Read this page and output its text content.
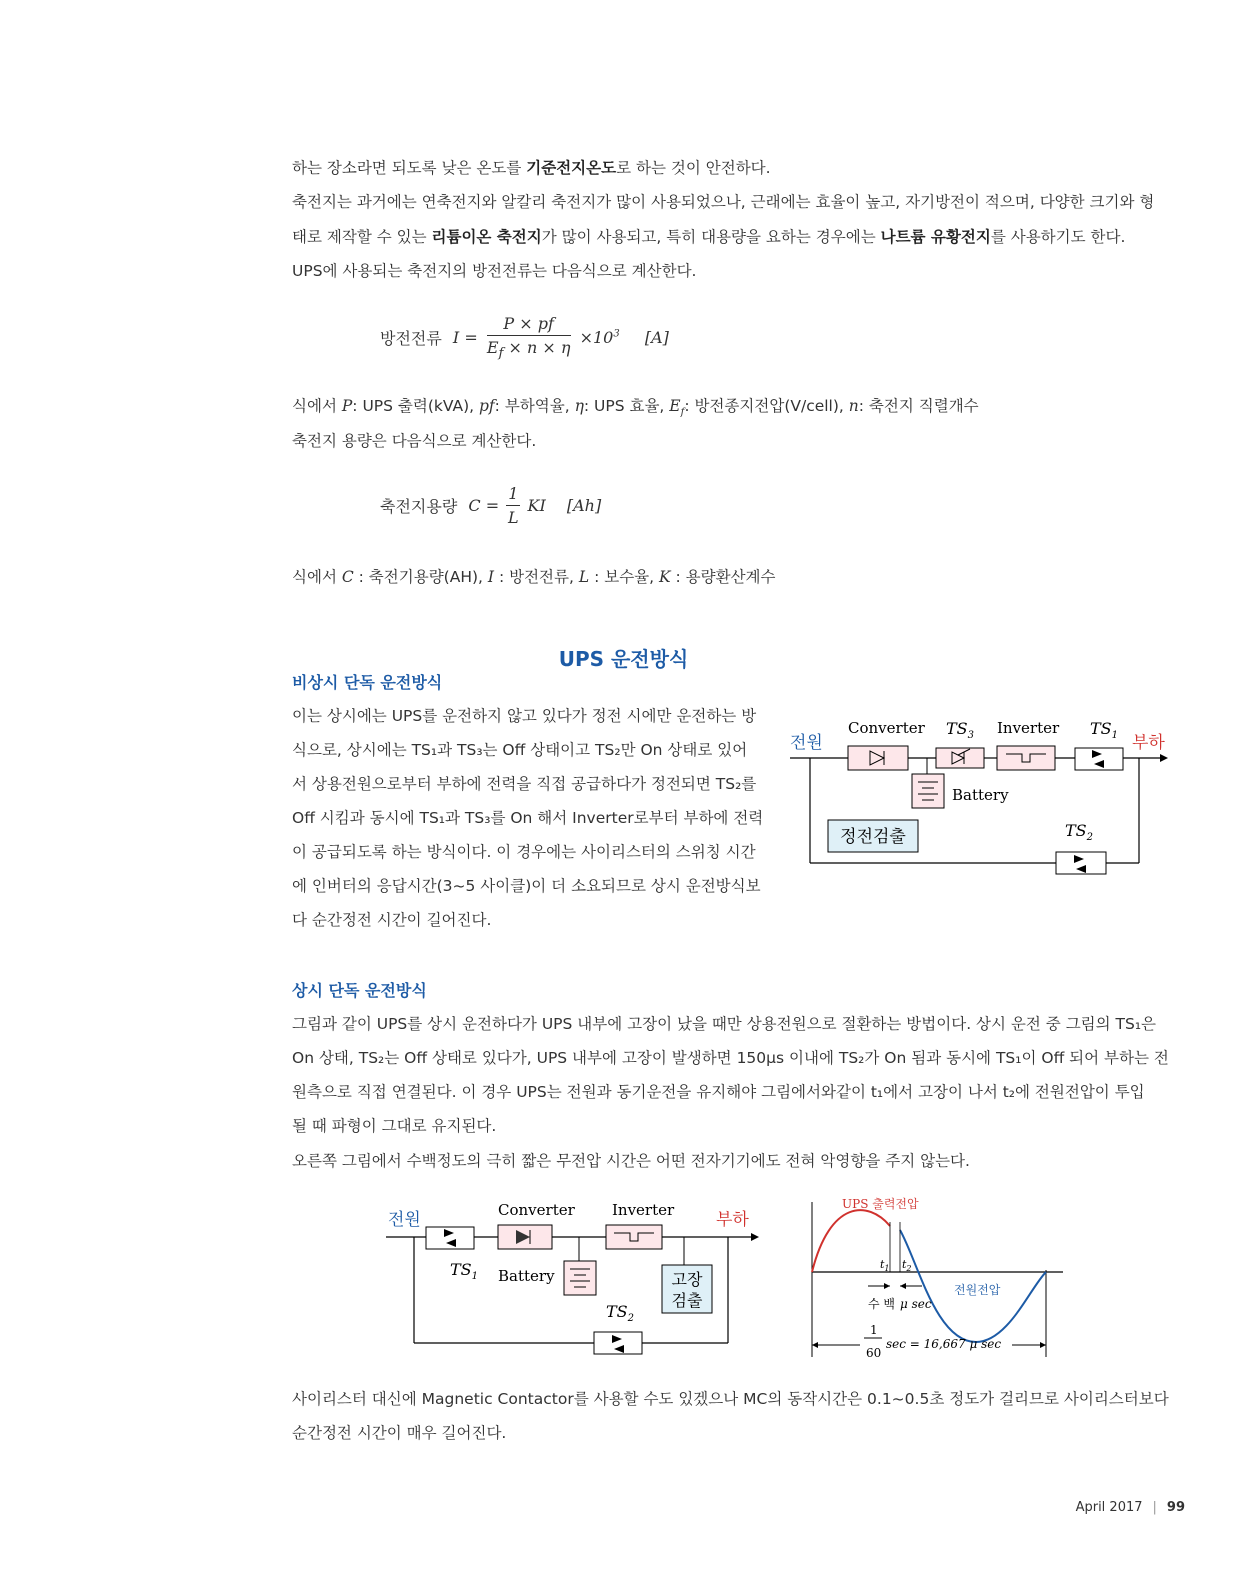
하는 장소라면 되도록 낮은 온도를 기준전지온도로 하는 것이 안전하다.

축전지는 과거에는 연축전지와 알칼리 축전지가 많이 사용되었으나, 근래에는 효율이 높고, 자기방전이 적으며, 다양한 크기와 형

태로 제작할 수 있는 리튬이온 축전지가 많이 사용되고, 특히 대용량을 요하는 경우에는 나트륨 유황전지를 사용하기도 한다.

UPS에 사용되는 축전지의 방전전류는 다음식으로 계산한다.

방전전류 $I = \frac{P \times pf}{E_f \times n \times \eta} \times 10^3$ [A]

식에서 P: UPS 출력(kVA), pf: 부하역율, η: UPS 효율, $E_f$: 방전종지전압(V/cell), n: 축전지 직렬개수

축전지 용량은 다음식으로 계산한다.

축전지용량 $C = \frac{1}{L}$ KI [Ah]

식에서 C : 축전기용량(AH), I : 방전전류, L : 보수율, K : 용량환산계수

UPS 운전방식
비상시 단독 운전방식
이는 상시에는 UPS를 운전하지 않고 있다가 정전 시에만 운전하는 방
식으로, 상시에는 TS₁과 TS₃는 Off 상태이고 TS₂만 On 상태로 있어
서 상용전원으로부터 부하에 전력을 직접 공급하다가 정전되면 TS₂를
Off 시킴과 동시에 TS₁과 TS₃를 On 해서 Inverter로부터 부하에 전력
이 공급되도록 하는 방식이다. 이 경우에는 사이리스터의 스위칭 시간
에 인버터의 응답시간(3~5 사이클)이 더 소요되므로 상시 운전방식보
다 순간정전 시간이 길어진다.
전원	부하
Converter $TS_3$ Inverter $TS_1$
Battery
정전검출	$TS_2$
상시 단독 운전방식

그림과 같이 UPS를 상시 운전하다가 UPS 내부에 고장이 났을 때만 상용전원으로 절환하는 방법이다. 상시 운전 중 그림의 TS₁은

On 상태, TS₂는 Off 상태로 있다가, UPS 내부에 고장이 발생하면 150μs 이내에 TS₂가 On 됨과 동시에 TS₁이 Off 되어 부하는 전

원측으로 직접 연결된다. 이 경우 UPS는 전원과 동기운전을 유지해야 그림에서와같이 t₁에서 고장이 나서 t₂에 전원전압이 투입

될 때 파형이 그대로 유지된다.

오른쪽 그림에서 수백정도의 극히 짧은 무전압 시간은 어떤 전자기기에도 전혀 악영향을 주지 않는다.

전원	부하
$TS_1$
Converter
Battery
Inverter
고장
검출
$TS_2$
UPS 출력전압
$t_1$ $t_2$
전원전압
수 백 μ sec
1
60
sec = 16,667 μ sec

사이리스터 대신에 Magnetic Contactor를 사용할 수도 있겠으나 MC의 동작시간은 0.1~0.5초 정도가 걸리므로 사이리스터보다

순간정전 시간이 매우 길어진다.

April 2017 | 99
